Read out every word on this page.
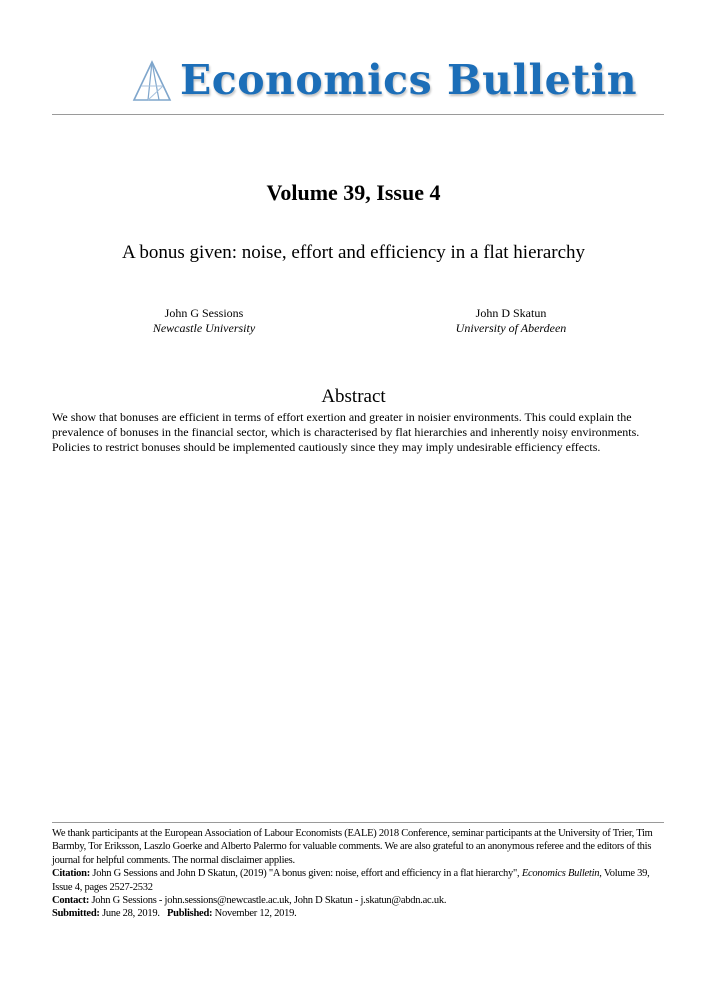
Economics Bulletin
Volume 39, Issue 4
A bonus given: noise, effort and efficiency in a flat hierarchy
John G Sessions
Newcastle University
John D Skatun
University of Aberdeen
Abstract
We show that bonuses are efficient in terms of effort exertion and greater in noisier environments. This could explain the prevalence of bonuses in the financial sector, which is characterised by flat hierarchies and inherently noisy environments. Policies to restrict bonuses should be implemented cautiously since they may imply undesirable efficiency effects.

We thank participants at the European Association of Labour Economists (EALE) 2018 Conference, seminar participants at the University of Trier, Tim Barmby, Tor Eriksson, Laszlo Goerke and Alberto Palermo for valuable comments. We are also grateful to an anonymous referee and the editors of this journal for helpful comments. The normal disclaimer applies.

Citation: John G Sessions and John D Skatun, (2019) "A bonus given: noise, effort and efficiency in a flat hierarchy", Economics Bulletin, Volume 39, Issue 4, pages 2527-2532

Contact: John G Sessions - john.sessions@newcastle.ac.uk, John D Skatun - j.skatun@abdn.ac.uk.

Submitted: June 28, 2019. Published: November 12, 2019.
